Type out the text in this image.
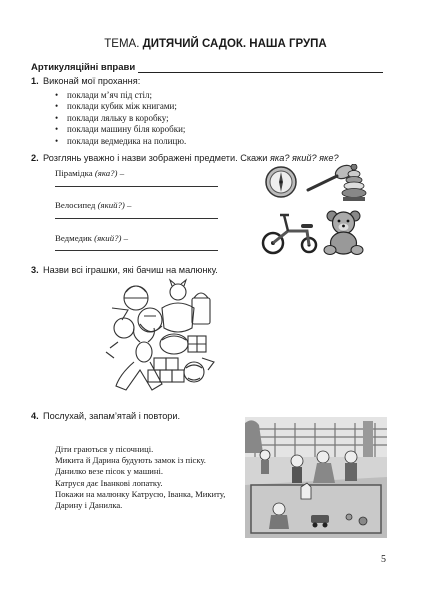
ТЕМА. ДИТЯЧИЙ САДОК. НАША ГРУПА
Артикуляційні вправи
1. Виконай мої прохання:
• поклади м’яч під стіл;
• поклади кубик між книгами;
• поклади ляльку в коробку;
• поклади машину біля коробки;
• поклади ведмедика на полицю.
2. Розглянь уважно і назви зображені предмети. Скажи яка? який? яке?
Пірамідка (яка?) –
Велосипед (який?) –
Ведмедик (який?) –
3. Назви всі іграшки, які бачиш на малюнку.
4. Послухай, запам’ятай і повтори.
Діти граються у пісочниці.
Микита й Дарина будують замок із піску.
Данилко везе пісок у машині.
Катруся дає Іванкові лопатку.
Покажи на малюнку Катрусю, Іванка, Микиту,
Дарину і Данилка.
5
